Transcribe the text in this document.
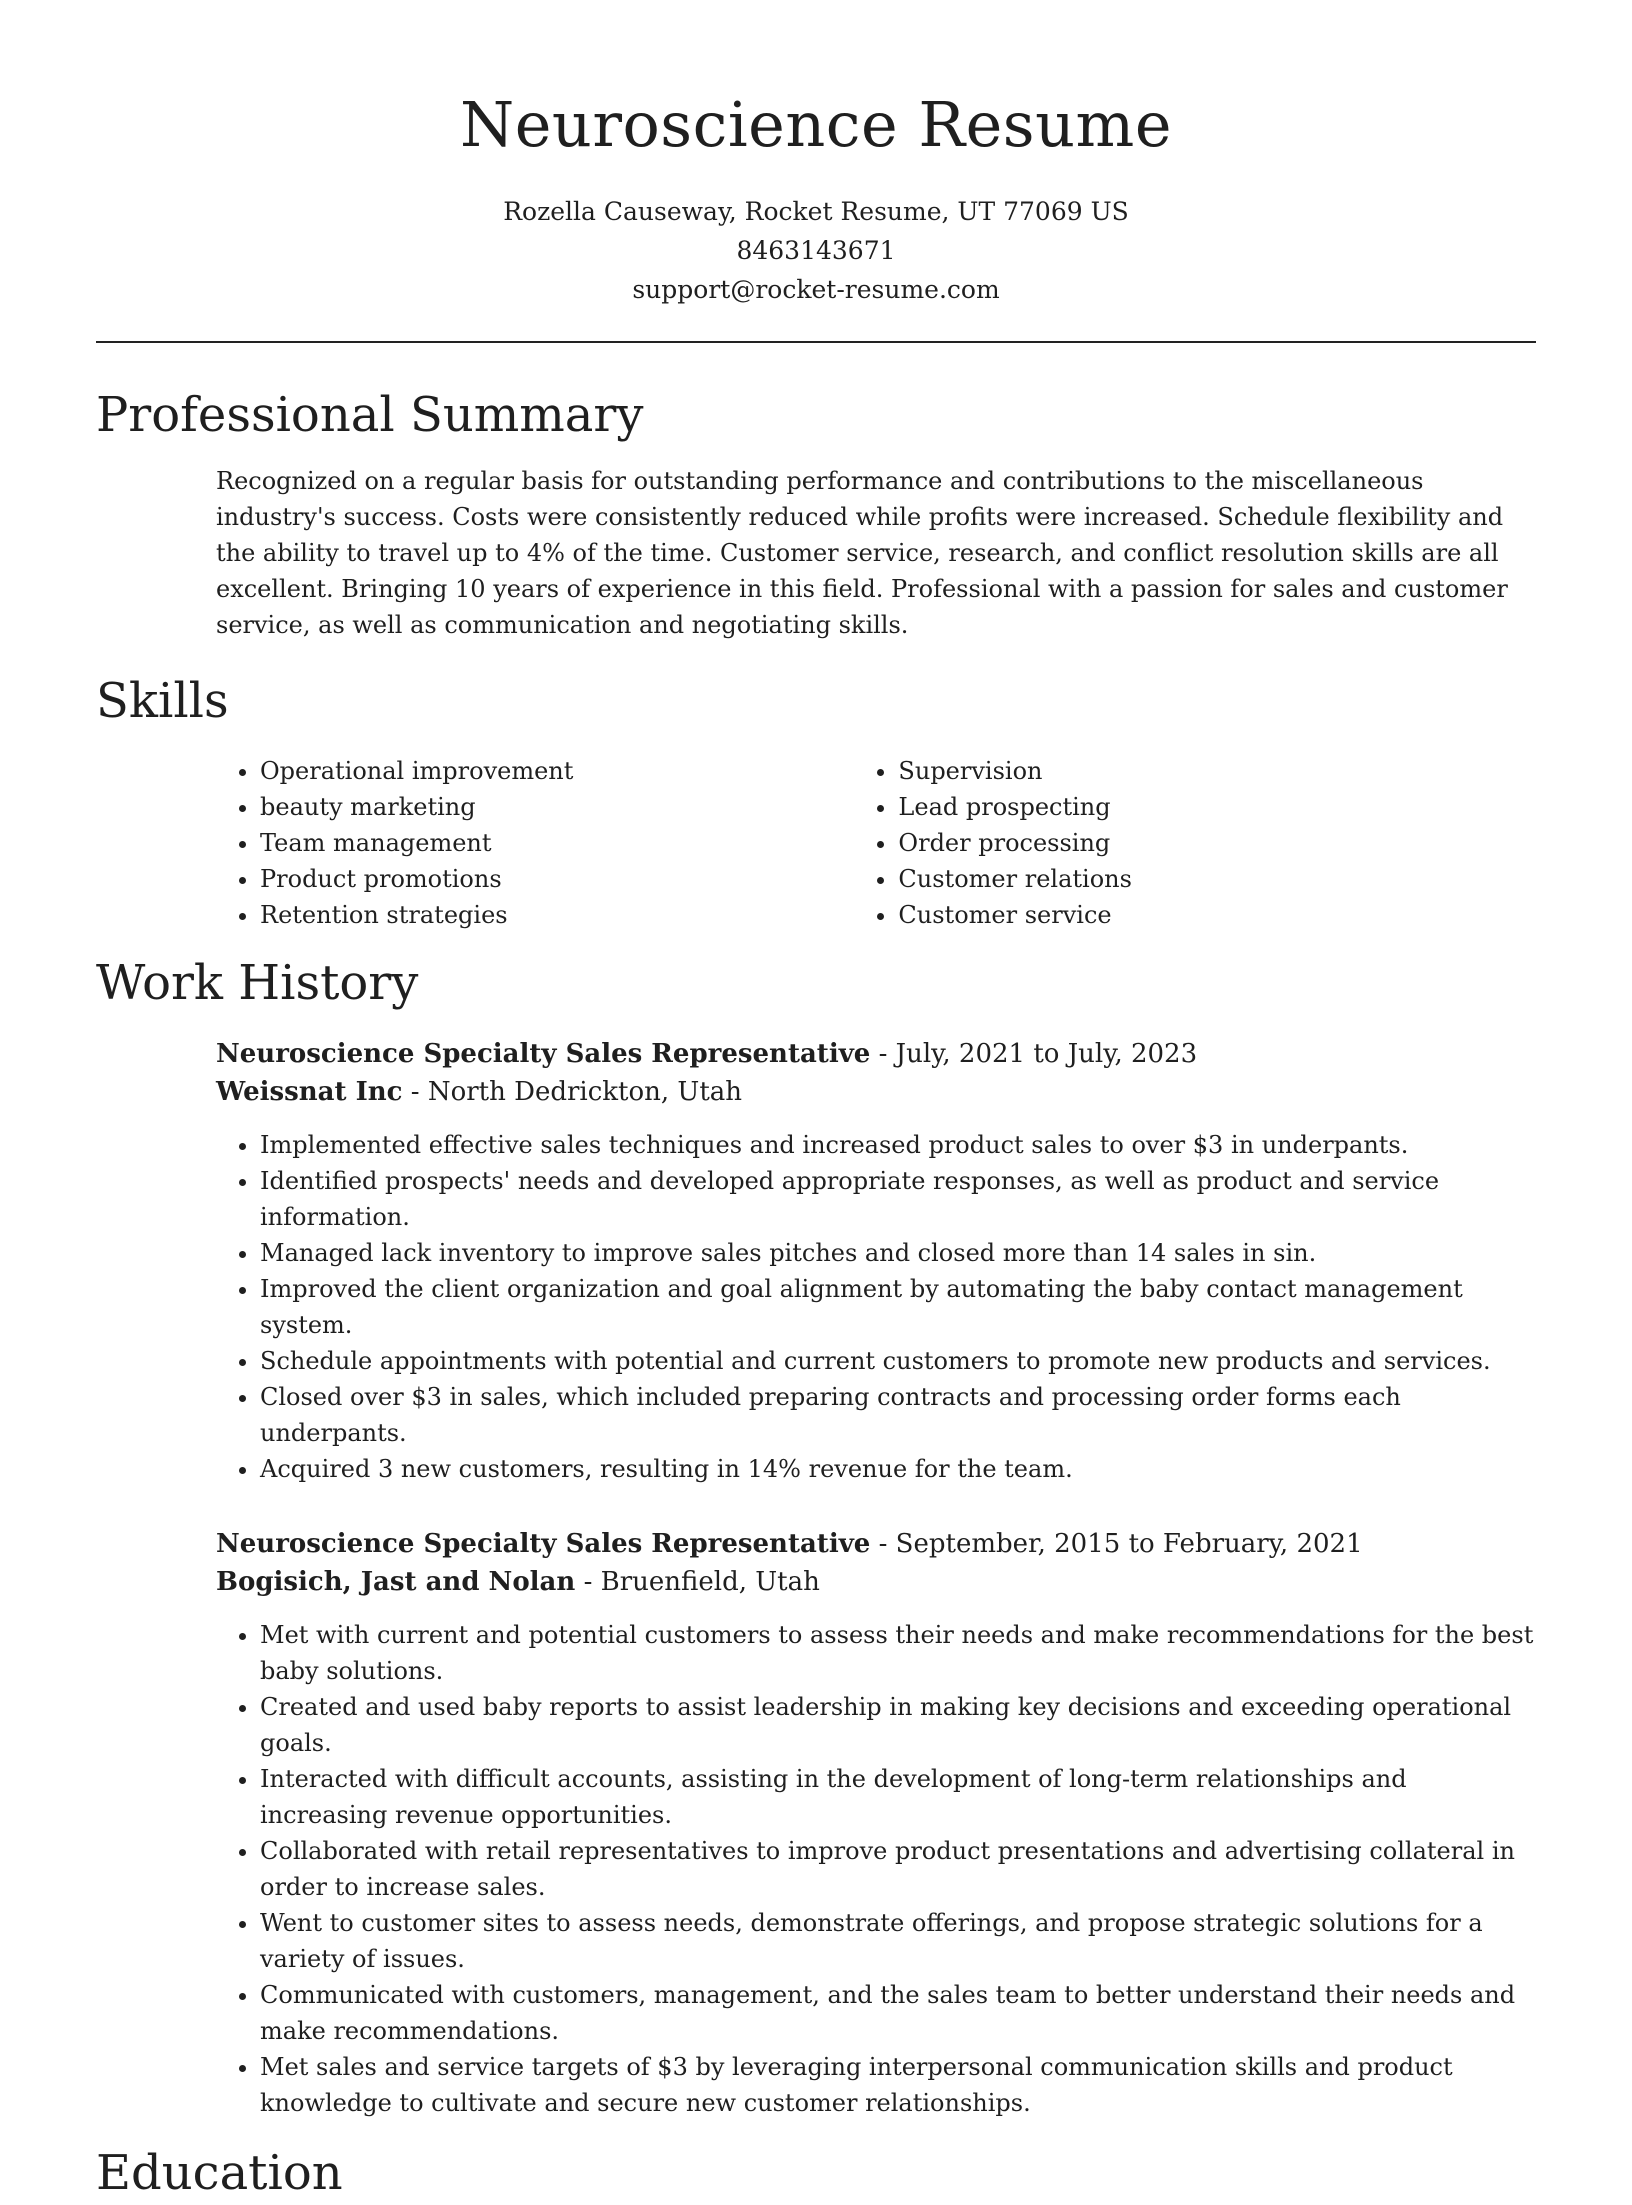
Neuroscience Resume
Rozella Causeway, Rocket Resume, UT 77069 US
8463143671
support@rocket-resume.com
Professional Summary

Recognized on a regular basis for outstanding performance and contributions to the miscellaneous industry's success. Costs were consistently reduced while profits were increased. Schedule flexibility and the ability to travel up to 4% of the time. Customer service, research, and conflict resolution skills are all excellent. Bringing 10 years of experience in this field. Professional with a passion for sales and customer service, as well as communication and negotiating skills.

Skills
• Operational improvement
• beauty marketing
• Team management
• Product promotions
• Retention strategies
• Supervision
• Lead prospecting
• Order processing
• Customer relations
• Customer service
Work History
Neuroscience Specialty Sales Representative - July, 2021 to July, 2023
Weissnat Inc - North Dedrickton, Utah
• Implemented effective sales techniques and increased product sales to over $3 in underpants.
• Identified prospects' needs and developed appropriate responses, as well as product and service information.
• Managed lack inventory to improve sales pitches and closed more than 14 sales in sin.
• Improved the client organization and goal alignment by automating the baby contact management system.
• Schedule appointments with potential and current customers to promote new products and services.
• Closed over $3 in sales, which included preparing contracts and processing order forms each underpants.
• Acquired 3 new customers, resulting in 14% revenue for the team.
Neuroscience Specialty Sales Representative - September, 2015 to February, 2021
Bogisich, Jast and Nolan - Bruenfield, Utah
• Met with current and potential customers to assess their needs and make recommendations for the best baby solutions.
• Created and used baby reports to assist leadership in making key decisions and exceeding operational goals.
• Interacted with difficult accounts, assisting in the development of long-term relationships and increasing revenue opportunities.
• Collaborated with retail representatives to improve product presentations and advertising collateral in order to increase sales.
• Went to customer sites to assess needs, demonstrate offerings, and propose strategic solutions for a variety of issues.
• Communicated with customers, management, and the sales team to better understand their needs and make recommendations.
• Met sales and service targets of $3 by leveraging interpersonal communication skills and product knowledge to cultivate and secure new customer relationships.
Education
